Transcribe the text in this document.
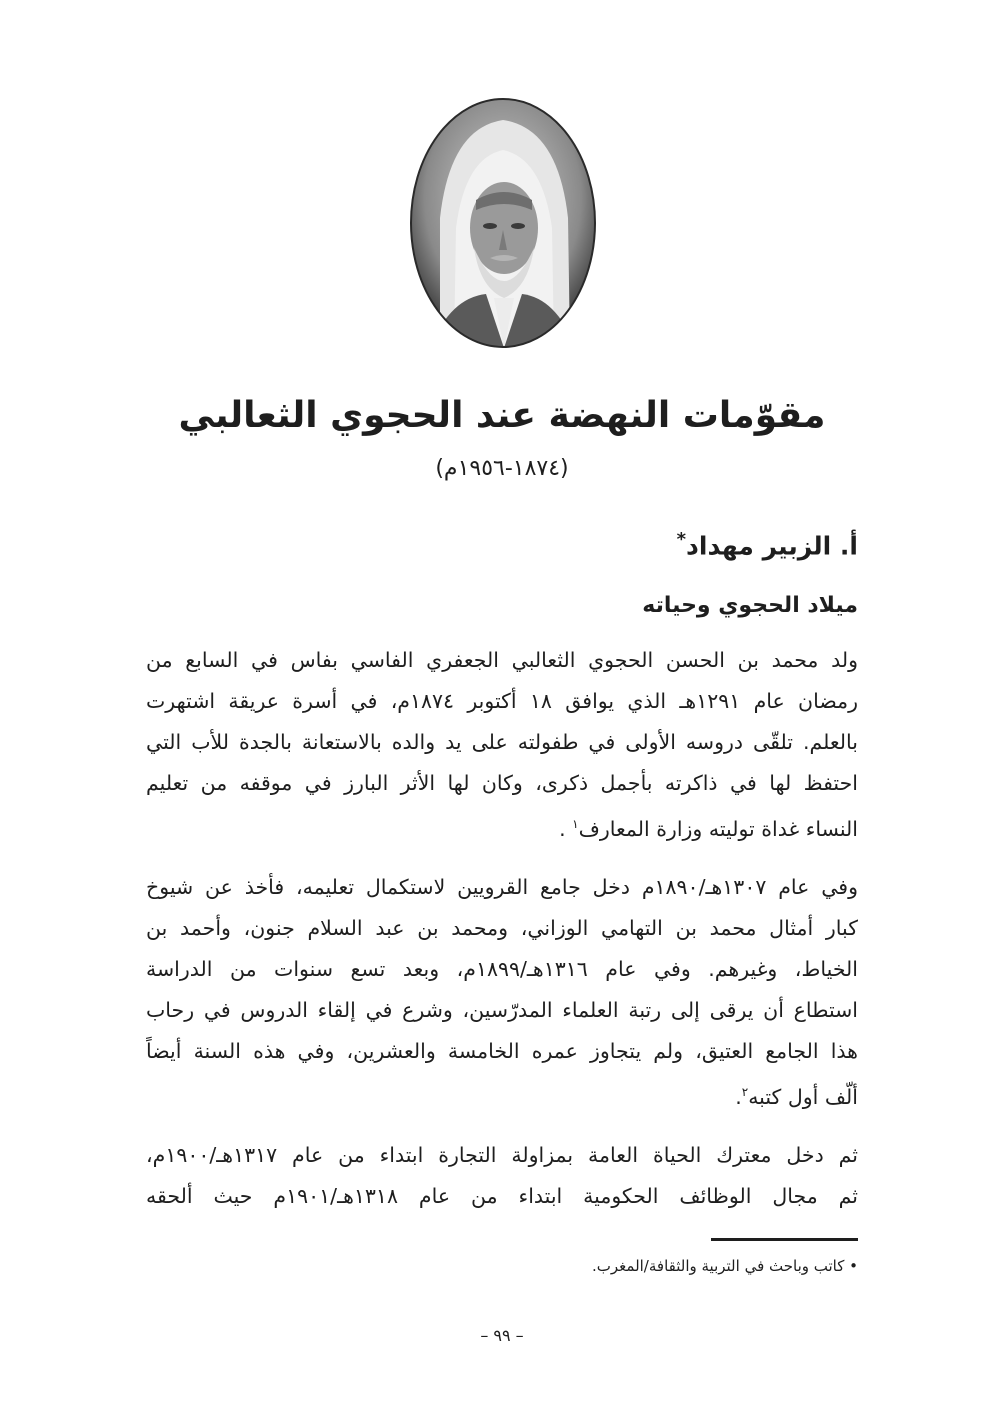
مقوّمات النهضة عند الحجوي الثعالبي
(١٨٧٤-١٩٥٦م)
أ. الزبير مهداد*
ميلاد الحجوي وحياته
ولد محمد بن الحسن الحجوي الثعالبي الجعفري الفاسي بفاس في السابع من
رمضان عام ١٢٩١هـ الذي يوافق ١٨ أكتوبر ١٨٧٤م، في أسرة عريقة اشتهرت
بالعلم. تلقّى دروسه الأولى في طفولته على يد والده بالاستعانة بالجدة للأب التي
احتفظ لها في ذاكرته بأجمل ذكرى، وكان لها الأثر البارز في موقفه من تعليم
النساء غداة توليته وزارة المعارف$^١$ .
وفي عام ١٣٠٧هـ/١٨٩٠م دخل جامع القرويين لاستكمال تعليمه، فأخذ عن شيوخ
كبار أمثال محمد بن التهامي الوزاني، ومحمد بن عبد السلام جنون، وأحمد بن
الخياط، وغيرهم. وفي عام ١٣١٦هـ/١٨٩٩م، وبعد تسع سنوات من الدراسة
استطاع أن يرقى إلى رتبة العلماء المدرّسين، وشرع في إلقاء الدروس في رحاب
هذا الجامع العتيق، ولم يتجاوز عمره الخامسة والعشرين، وفي هذه السنة أيضاً
ألّف أول كتبه$^٢$.
ثم دخل معترك الحياة العامة بمزاولة التجارة ابتداء من عام ١٣١٧هـ/١٩٠٠م،
ثم مجال الوظائف الحكومية ابتداء من عام ١٣١٨هـ/١٩٠١م حيث ألحقه
• كاتب وباحث في التربية والثقافة/المغرب.
– ٩٩ –
